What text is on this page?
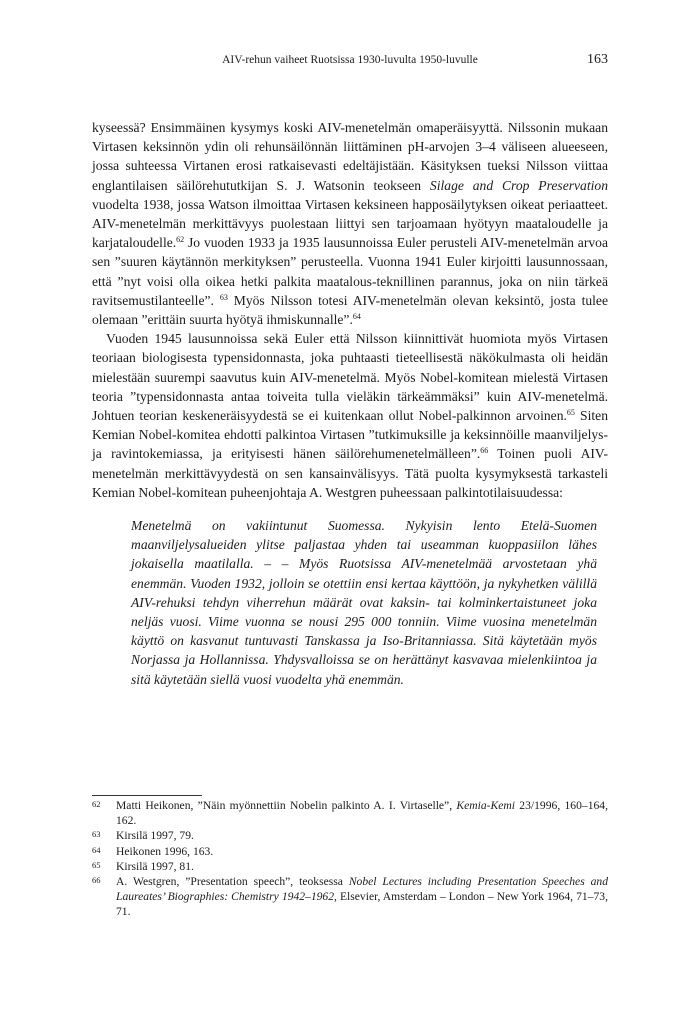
AIV-rehun vaiheet Ruotsissa 1930-luvulta 1950-luvulle	163

kyseessä? Ensimmäinen kysymys koski AIV-menetelmän omaperäisyyttä. Nilssonin mukaan Virtasen keksinnön ydin oli rehunsäilönnän liittäminen pH-arvojen 3–4 väliseen alueeseen, jossa suhteessa Virtanen erosi ratkaisevasti edeltäjistään. Käsityksen tueksi Nilsson viittaa englantilaisen säilörehututkijan S. J. Watsonin teokseen Silage and Crop Preservation vuodelta 1938, jossa Watson ilmoittaa Virtasen keksineen happosäilytyksen oikeat periaatteet. AIV-menetelmän merkittävyys puolestaan liittyi sen tarjoamaan hyötyyn maataloudelle ja karjataloudelle.$^{62}$ Jo vuoden 1933 ja 1935 lausunnoissa Euler perusteli AIV-menetelmän arvoa sen ”suuren käytännön merkityksen” perusteella. Vuonna 1941 Euler kirjoitti lausunnossaan, että ”nyt voisi olla oikea hetki palkita maatalous-teknillinen parannus, joka on niin tärkeä ravitsemustilanteelle”. $^{63}$ Myös Nilsson totesi AIV-menetelmän olevan keksintö, josta tulee olemaan ”erittäin suurta hyötyä ihmiskunnalle”.$^{64}$

Vuoden 1945 lausunnoissa sekä Euler että Nilsson kiinnittivät huomiota myös Virtasen teoriaan biologisesta typensidonnasta, joka puhtaasti tieteellisestä näkökulmasta oli heidän mielestään suurempi saavutus kuin AIV-menetelmä. Myös Nobel-komitean mielestä Virtasen teoria ”typensidonnasta antaa toiveita tulla vieläkin tärkeämmäksi” kuin AIV-menetelmä. Johtuen teorian keskeneräisyydestä se ei kuitenkaan ollut Nobel-palkinnon arvoinen.$^{65}$ Siten Kemian Nobel-komitea ehdotti palkintoa Virtasen ”tutkimuksille ja keksinnöille maanviljelys- ja ravintokemiassa, ja erityisesti hänen säilörehumenetelmälleen”.$^{66}$ Toinen puoli AIV-menetelmän merkittävyydestä on sen kansainvälisyys. Tätä puolta kysymyksestä tarkasteli Kemian Nobel-komitean puheenjohtaja A. Westgren puheessaan palkintotilaisuudessa:

Menetelmä on vakiintunut Suomessa. Nykyisin lento Etelä-Suomen maanviljelysalueiden ylitse paljastaa yhden tai useamman kuoppasiilon lähes jokaisella maatilalla. – – Myös Ruotsissa AIV-menetelmää arvostetaan yhä enemmän. Vuoden 1932, jolloin se otettiin ensi kertaa käyttöön, ja nykyhetken välillä AIV-rehuksi tehdyn viherrehun määrät ovat kaksin- tai kolminkertaistuneet joka neljäs vuosi. Viime vuonna se nousi 295 000 tonniin. Viime vuosina menetelmän käyttö on kasvanut tuntuvasti Tanskassa ja Iso-Britanniassa. Sitä käytetään myös Norjassa ja Hollannissa. Yhdysvalloissa se on herättänyt kasvavaa mielenkiintoa ja sitä käytetään siellä vuosi vuodelta yhä enemmän.
62	Matti Heikonen, ”Näin myönnettiin Nobelin palkinto A. I. Virtaselle”, Kemia-Kemi 23/1996, 160–164, 162.
63	Kirsilä 1997, 79.
64	Heikonen 1996, 163.
65	Kirsilä 1997, 81.
66	A. Westgren, ”Presentation speech”, teoksessa Nobel Lectures including Presentation Speeches and Laureates’ Biographies: Chemistry 1942–1962, Elsevier, Amsterdam – London – New York 1964, 71–73, 71.
